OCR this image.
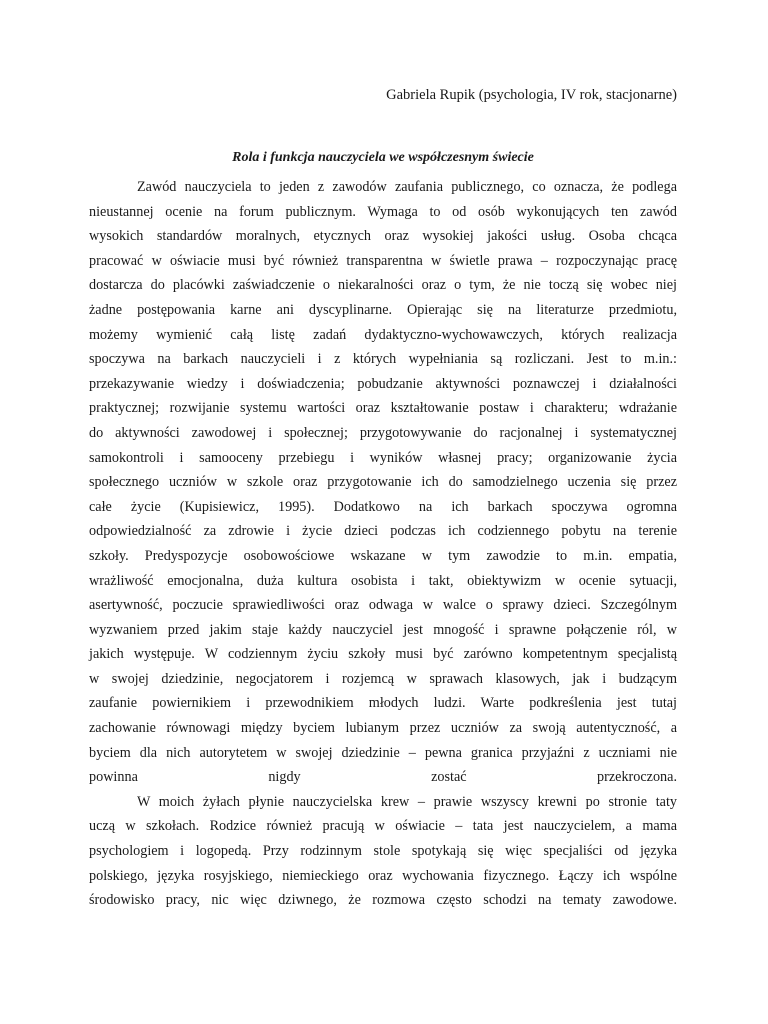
Gabriela Rupik (psychologia, IV rok, stacjonarne)
Rola i funkcja nauczyciela we współczesnym świecie
Zawód nauczyciela to jeden z zawodów zaufania publicznego, co oznacza, że podlega
nieustannej ocenie na forum publicznym. Wymaga to od osób wykonujących ten zawód
wysokich standardów moralnych, etycznych oraz wysokiej jakości usług. Osoba chcąca
pracować w oświacie musi być również transparentna w świetle prawa – rozpoczynając pracę
dostarcza do placówki zaświadczenie o niekaralności oraz o tym, że nie toczą się wobec niej
żadne postępowania karne ani dyscyplinarne. Opierając się na literaturze przedmiotu,
możemy wymienić całą listę zadań dydaktyczno-wychowawczych, których realizacja
spoczywa na barkach nauczycieli i z których wypełniania są rozliczani. Jest to m.in.:
przekazywanie wiedzy i doświadczenia; pobudzanie aktywności poznawczej i działalności
praktycznej; rozwijanie systemu wartości oraz kształtowanie postaw i charakteru; wdrażanie
do aktywności zawodowej i społecznej; przygotowywanie do racjonalnej i systematycznej
samokontroli i samooceny przebiegu i wyników własnej pracy; organizowanie życia
społecznego uczniów w szkole oraz przygotowanie ich do samodzielnego uczenia się przez
całe życie (Kupisiewicz, 1995). Dodatkowo na ich barkach spoczywa ogromna
odpowiedzialność za zdrowie i życie dzieci podczas ich codziennego pobytu na terenie
szkoły. Predyspozycje osobowościowe wskazane w tym zawodzie to m.in. empatia,
wrażliwość emocjonalna, duża kultura osobista i takt, obiektywizm w ocenie sytuacji,
asertywność, poczucie sprawiedliwości oraz odwaga w walce o sprawy dzieci. Szczególnym
wyzwaniem przed jakim staje każdy nauczyciel jest mnogość i sprawne połączenie ról, w
jakich występuje. W codziennym życiu szkoły musi być zarówno kompetentnym specjalistą
w swojej dziedzinie, negocjatorem i rozjemcą w sprawach klasowych, jak i budzącym
zaufanie powiernikiem i przewodnikiem młodych ludzi. Warte podkreślenia jest tutaj
zachowanie równowagi między byciem lubianym przez uczniów za swoją autentyczność, a
byciem dla nich autorytetem w swojej dziedzinie – pewna granica przyjaźni z uczniami nie
powinna nigdy zostać przekroczona.
W moich żyłach płynie nauczycielska krew – prawie wszyscy krewni po stronie taty
uczą w szkołach. Rodzice również pracują w oświacie – tata jest nauczycielem, a mama
psychologiem i logopedą. Przy rodzinnym stole spotykają się więc specjaliści od języka
polskiego, języka rosyjskiego, niemieckiego oraz wychowania fizycznego. Łączy ich wspólne
środowisko pracy, nic więc dziwnego, że rozmowa często schodzi na tematy zawodowe.
